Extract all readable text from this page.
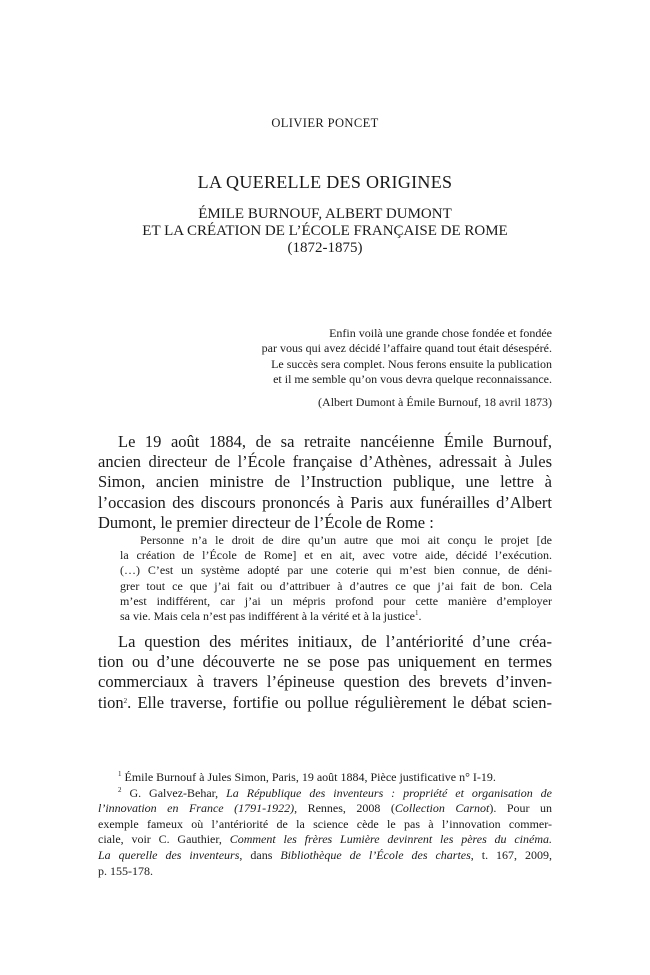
OLIVIER PONCET
LA QUERELLE DES ORIGINES
ÉMILE BURNOUF, ALBERT DUMONT
ET LA CRÉATION DE L’ÉCOLE FRANÇAISE DE ROME
(1872-1875)
Enfin voilà une grande chose fondée et fondée
par vous qui avez décidé l’affaire quand tout était désespéré.
Le succès sera complet. Nous ferons ensuite la publication
et il me semble qu’on vous devra quelque reconnaissance.
(Albert Dumont à Émile Burnouf, 18 avril 1873)
Le 19 août 1884, de sa retraite nancéienne Émile Burnouf,
ancien directeur de l’École française d’Athènes, adressait à Jules
Simon, ancien ministre de l’Instruction publique, une lettre à
l’occasion des discours prononcés à Paris aux funérailles d’Albert
Dumont, le premier directeur de l’École de Rome :
Personne n’a le droit de dire qu’un autre que moi ait conçu le projet [de
la création de l’École de Rome] et en ait, avec votre aide, décidé l’exécution.
(…) C’est un système adopté par une coterie qui m’est bien connue, de déni-
grer tout ce que j’ai fait ou d’attribuer à d’autres ce que j’ai fait de bon. Cela
m’est indifférent, car j’ai un mépris profond pour cette manière d’employer
sa vie. Mais cela n’est pas indifférent à la vérité et à la justice$^1$.
La question des mérites initiaux, de l’antériorité d’une créa-
tion ou d’une découverte ne se pose pas uniquement en termes
commerciaux à travers l’épineuse question des brevets d’inven-
tion$^2$. Elle traverse, fortifie ou pollue régulièrement le débat scien-
$^1$ Émile Burnouf à Jules Simon, Paris, 19 août 1884, Pièce justificative n° I-19.
$^2$ G. Galvez-Behar, La République des inventeurs : propriété et organisation de
l’innovation en France (1791-1922), Rennes, 2008 (Collection Carnot). Pour un
exemple fameux où l’antériorité de la science cède le pas à l’innovation commer-
ciale, voir C. Gauthier, Comment les frères Lumière devinrent les pères du cinéma.
La querelle des inventeurs, dans Bibliothèque de l’École des chartes, t. 167, 2009,
p. 155-178.
